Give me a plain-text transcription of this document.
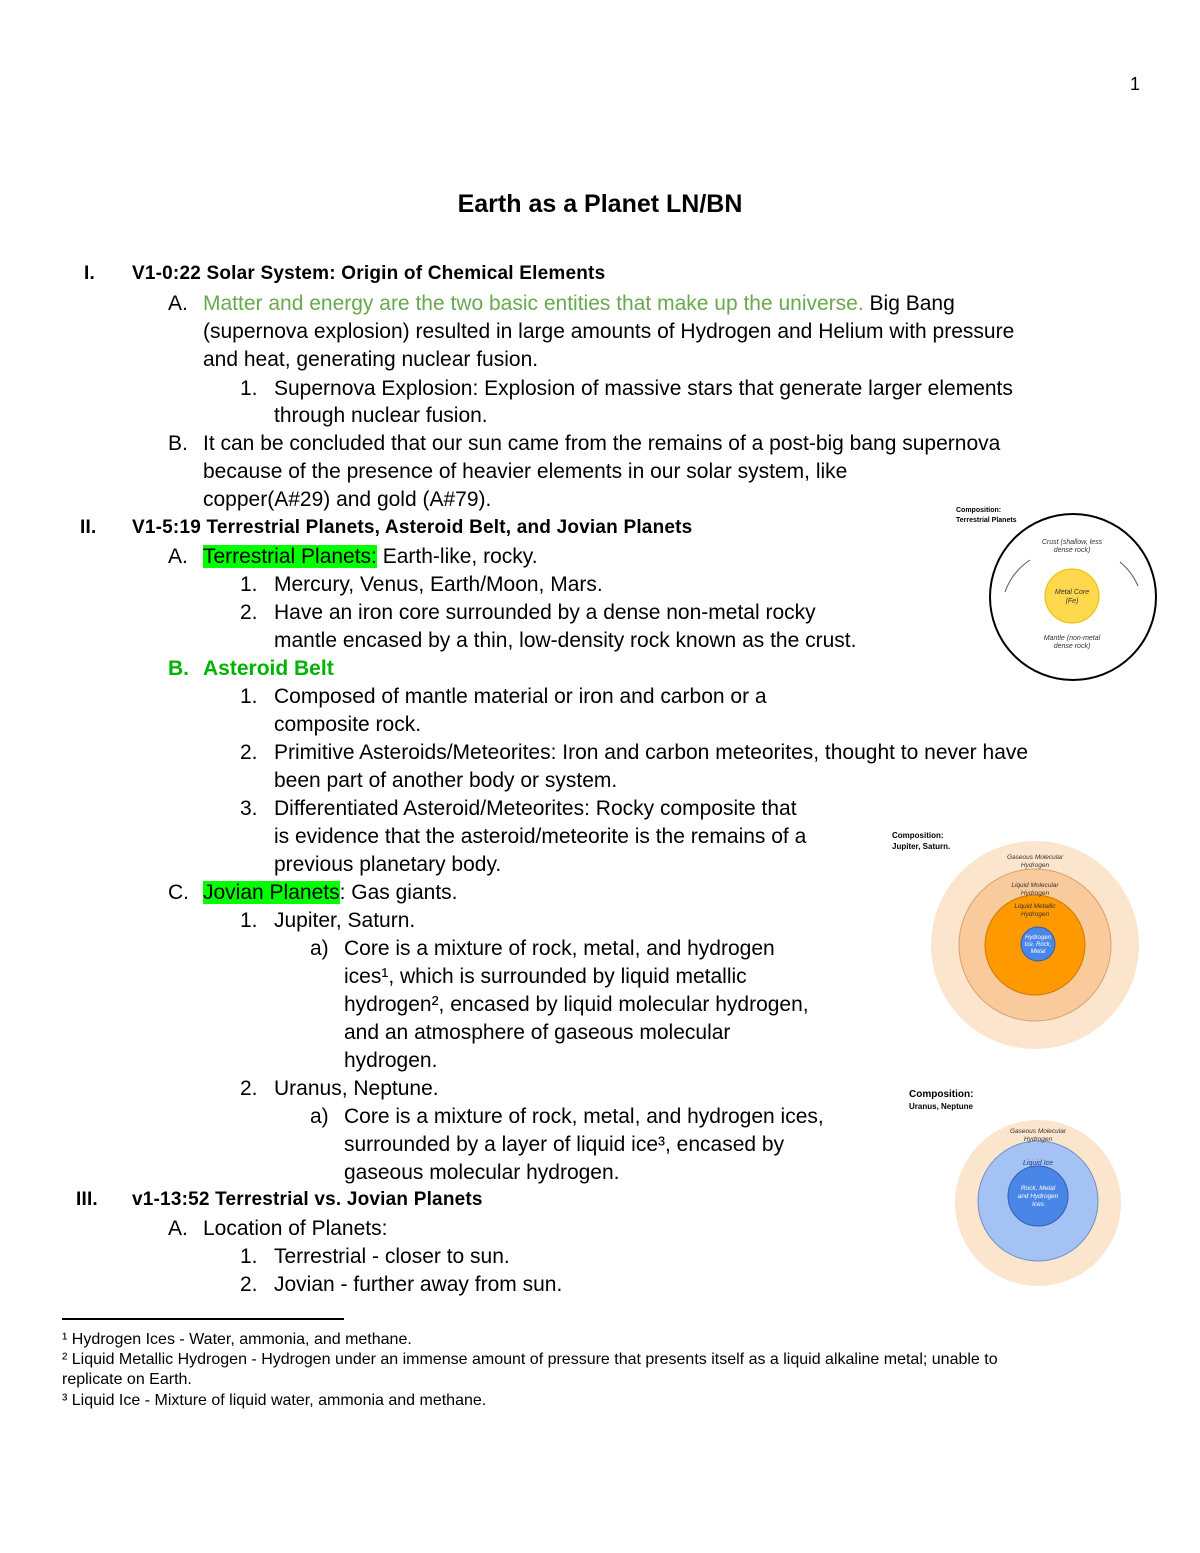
1
Earth as a Planet LN/BN
I. V1-0:22 Solar System: Origin of Chemical Elements
A. Matter and energy are the two basic entities that make up the universe. Big Bang
(supernova explosion) resulted in large amounts of Hydrogen and Helium with pressure
and heat, generating nuclear fusion.
1. Supernova Explosion: Explosion of massive stars that generate larger elements
through nuclear fusion.
B. It can be concluded that our sun came from the remains of a post-big bang supernova
because of the presence of heavier elements in our solar system, like
copper(A#29) and gold (A#79).
II. V1-5:19 Terrestrial Planets, Asteroid Belt, and Jovian Planets
A. Terrestrial Planets: Earth-like, rocky.
1. Mercury, Venus, Earth/Moon, Mars.
2. Have an iron core surrounded by a dense non-metal rocky
mantle encased by a thin, low-density rock known as the crust.
B. Asteroid Belt
1. Composed of mantle material or iron and carbon or a
composite rock.
2. Primitive Asteroids/Meteorites: Iron and carbon meteorites, thought to never have
been part of another body or system.
3. Differentiated Asteroid/Meteorites: Rocky composite that
is evidence that the asteroid/meteorite is the remains of a
previous planetary body.
C. Jovian Planets: Gas giants.
1. Jupiter, Saturn.
a) Core is a mixture of rock, metal, and hydrogen
ices¹, which is surrounded by liquid metallic
hydrogen², encased by liquid molecular hydrogen,
and an atmosphere of gaseous molecular
hydrogen.
2. Uranus, Neptune.
a) Core is a mixture of rock, metal, and hydrogen ices,
surrounded by a layer of liquid ice³, encased by
gaseous molecular hydrogen.
III. v1-13:52 Terrestrial vs. Jovian Planets
A. Location of Planets:
1. Terrestrial - closer to sun.
2. Jovian - further away from sun.
¹ Hydrogen Ices - Water, ammonia, and methane.
² Liquid Metallic Hydrogen - Hydrogen under an immense amount of pressure that presents itself as a liquid alkaline metal; unable to
replicate on Earth.
³ Liquid Ice - Mixture of liquid water, ammonia and methane.
Composition:
Terrestrial Planets
Crust (shallow, less
dense rock)
Metal Core
(Fe)
Mantle (non-metal
dense rock)
Composition:
Jupiter, Saturn.
Gaseous Molecular
Hydrogen
Liquid Molecular
Hydrogen
Liquid Metallic
Hydrogen
Hydrogen
Ice, Rock,
Metal
Composition:
Uranus, Neptune
Gaseous Molecular
Hydrogen
Liquid Ice
Rock, Metal
and Hydrogen
Ices
